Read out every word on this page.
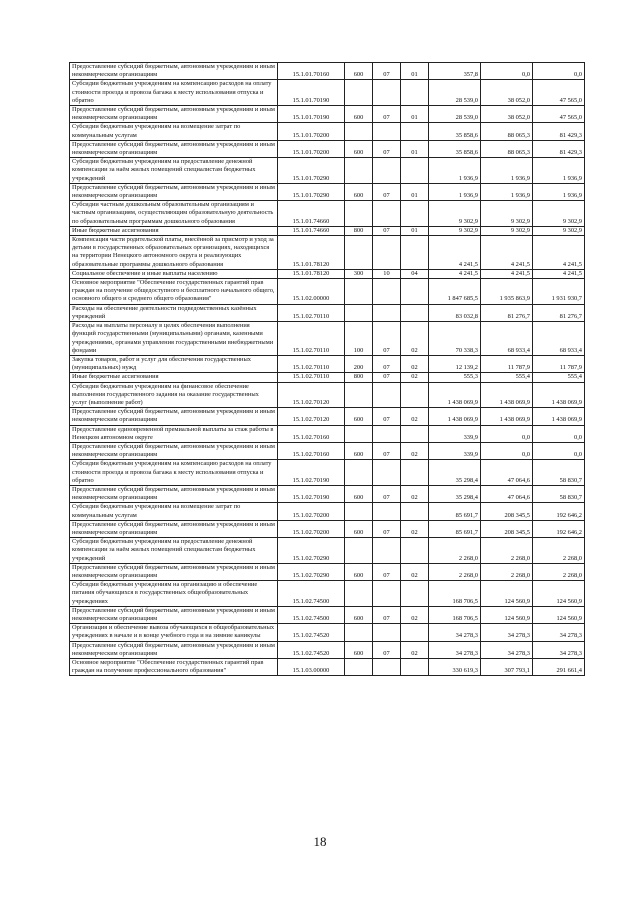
Предоставление субсидий бюджетным, автономным учреждениям и иным некоммерческим организациям	15.1.01.70160	600	07	01	357,8	0,0	0,0
Субсидии бюджетным учреждениям на компенсацию расходов на оплату стоимости проезда и провоза багажа к месту использования отпуска и обратно	15.1.01.70190				28 539,0	38 052,0	47 565,0
Предоставление субсидий бюджетным, автономным учреждениям и иным некоммерческим организациям	15.1.01.70190	600	07	01	28 539,0	38 052,0	47 565,0
Субсидии бюджетным учреждениям на возмещение затрат по коммунальным услугам	15.1.01.70200				35 858,6	88 065,3	81 429,3
Предоставление субсидий бюджетным, автономным учреждениям и иным некоммерческим организациям	15.1.01.70200	600	07	01	35 858,6	88 065,3	81 429,3
Субсидии бюджетным учреждениям на предоставление денежной компенсации за наём жилых помещений специалистам бюджетных учреждений	15.1.01.70290				1 936,9	1 936,9	1 936,9
Предоставление субсидий бюджетным, автономным учреждениям и иным некоммерческим организациям	15.1.01.70290	600	07	01	1 936,9	1 936,9	1 936,9
Субсидии частным дошкольным образовательным организациям и частным организациям, осуществляющим образовательную деятельность по образовательным программам дошкольного образования	15.1.01.74660				9 302,9	9 302,9	9 302,9
Иные бюджетные ассигнования	15.1.01.74660	800	07	01	9 302,9	9 302,9	9 302,9
Компенсация части родительской платы, внесённой за присмотр и уход за детьми в государственных образовательных организациях, находящихся на территории Ненецкого автономного округа и реализующих образовательные программы дошкольного образования	15.1.01.78120				4 241,5	4 241,5	4 241,5
Социальное обеспечение и иные выплаты населению	15.1.01.78120	300	10	04	4 241,5	4 241,5	4 241,5
Основное мероприятие "Обеспечение государственных гарантий прав граждан на получение общедоступного и бесплатного начального общего, основного общего и среднего общего образования"	15.1.02.00000				1 847 685,5	1 935 863,9	1 931 930,7
Расходы на обеспечение деятельности подведомственных казённых учреждений	15.1.02.70110				83 032,8	81 276,7	81 276,7
Расходы на выплаты персоналу в целях обеспечения выполнения функций государственными (муниципальными) органами, казенными учреждениями, органами управления государственными внебюджетными фондами	15.1.02.70110	100	07	02	70 338,3	68 933,4	68 933,4
Закупка товаров, работ и услуг для обеспечения государственных (муниципальных) нужд	15.1.02.70110	200	07	02	12 139,2	11 787,9	11 787,9
Иные бюджетные ассигнования	15.1.02.70110	800	07	02	555,3	555,4	555,4
Субсидии бюджетным учреждениям на финансовое обеспечение выполнения государственного задания на оказание государственных услуг (выполнение работ)	15.1.02.70120				1 438 069,9	1 438 069,9	1 438 069,9
Предоставление субсидий бюджетным, автономным учреждениям и иным некоммерческим организациям	15.1.02.70120	600	07	02	1 438 069,9	1 438 069,9	1 438 069,9
Предоставление единовременной премиальной выплаты за стаж работы в Ненецком автономном округе	15.1.02.70160				339,9	0,0	0,0
Предоставление субсидий бюджетным, автономным учреждениям и иным некоммерческим организациям	15.1.02.70160	600	07	02	339,9	0,0	0,0
Субсидии бюджетным учреждениям на компенсацию расходов на оплату стоимости проезда и провоза багажа к месту использования отпуска и обратно	15.1.02.70190				35 298,4	47 064,6	58 830,7
Предоставление субсидий бюджетным, автономным учреждениям и иным некоммерческим организациям	15.1.02.70190	600	07	02	35 298,4	47 064,6	58 830,7
Субсидии бюджетным учреждениям на возмещение затрат по коммунальным услугам	15.1.02.70200				85 691,7	208 345,5	192 646,2
Предоставление субсидий бюджетным, автономным учреждениям и иным некоммерческим организациям	15.1.02.70200	600	07	02	85 691,7	208 345,5	192 646,2
Субсидии бюджетным учреждениям на предоставление денежной компенсации за наём жилых помещений специалистам бюджетных учреждений	15.1.02.70290				2 268,0	2 268,0	2 268,0
Предоставление субсидий бюджетным, автономным учреждениям и иным некоммерческим организациям	15.1.02.70290	600	07	02	2 268,0	2 268,0	2 268,0
Субсидии бюджетным учреждениям на организацию и обеспечение питания обучающихся в государственных общеобразовательных учреждениях	15.1.02.74500				168 706,5	124 560,9	124 560,9
Предоставление субсидий бюджетным, автономным учреждениям и иным некоммерческим организациям	15.1.02.74500	600	07	02	168 706,5	124 560,9	124 560,9
Организация и обеспечение вывоза обучающихся в общеобразовательных учреждениях в начале и в конце учебного года и на зимние каникулы	15.1.02.74520				34 278,3	34 278,3	34 278,3
Предоставление субсидий бюджетным, автономным учреждениям и иным некоммерческим организациям	15.1.02.74520	600	07	02	34 278,3	34 278,3	34 278,3
Основное мероприятие "Обеспечение государственных гарантий прав граждан на получение профессионального образования"	15.1.03.00000				330 619,3	307 793,1	291 661,4
18
